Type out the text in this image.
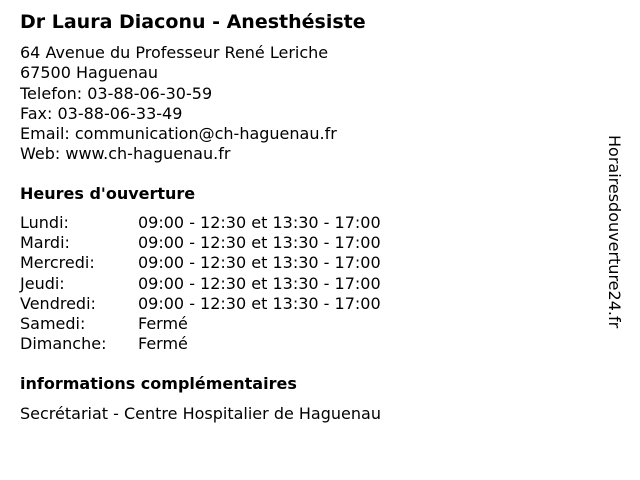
Dr Laura Diaconu - Anesthésiste
64 Avenue du Professeur René Leriche
67500 Haguenau
Telefon: 03-88-06-30-59
Fax: 03-88-06-33-49
Email: communication@ch-haguenau.fr
Web: www.ch-haguenau.fr
Heures d'ouverture
Lundi:	09:00 - 12:30 et 13:30 - 17:00
Mardi:	09:00 - 12:30 et 13:30 - 17:00
Mercredi:	09:00 - 12:30 et 13:30 - 17:00
Jeudi:	09:00 - 12:30 et 13:30 - 17:00
Vendredi:	09:00 - 12:30 et 13:30 - 17:00
Samedi:	Fermé
Dimanche:	Fermé
informations complémentaires
Secrétariat - Centre Hospitalier de Haguenau
Horairesdouverture24.fr
